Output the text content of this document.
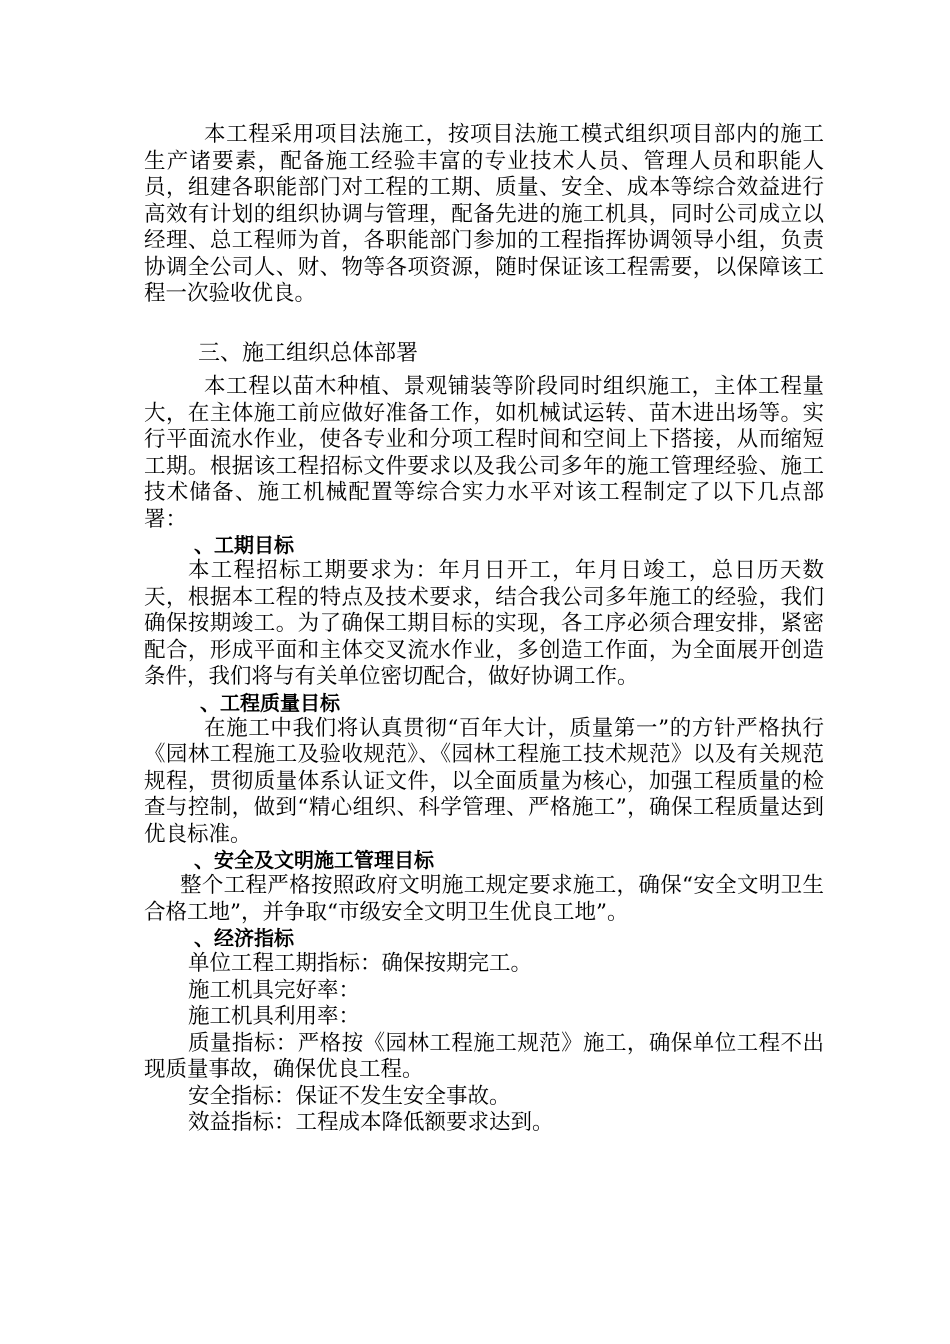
本工程采用项目法施工，按项目法施工模式组织项目部内的施工生产诸要素，配备施工经验丰富的专业技术人员、管理人员和职能人员，组建各职能部门对工程的工期、质量、安全、成本等综合效益进行高效有计划的组织协调与管理，配备先进的施工机具，同时公司成立以经理、总工程师为首，各职能部门参加的工程指挥协调领导小组，负责协调全公司人、财、物等各项资源，随时保证该工程需要，以保障该工程一次验收优良。

三、施工组织总体部署

本工程以苗木种植、景观铺装等阶段同时组织施工，主体工程量大，在主体施工前应做好准备工作，如机械试运转、苗木进出场等。实行平面流水作业，使各专业和分项工程时间和空间上下搭接，从而缩短工期。根据该工程招标文件要求以及我公司多年的施工管理经验、施工技术储备、施工机械配置等综合实力水平对该工程制定了以下几点部署：

、工期目标

本工程招标工期要求为：年月日开工，年月日竣工，总日历天数天，根据本工程的特点及技术要求，结合我公司多年施工的经验，我们确保按期竣工。为了确保工期目标的实现，各工序必须合理安排，紧密配合，形成平面和主体交叉流水作业，多创造工作面，为全面展开创造条件，我们将与有关单位密切配合，做好协调工作。

、工程质量目标

在施工中我们将认真贯彻“百年大计，质量第一”的方针严格执行《园林工程施工及验收规范》、《园林工程施工技术规范》以及有关规范规程，贯彻质量体系认证文件，以全面质量为核心，加强工程质量的检查与控制，做到“精心组织、科学管理、严格施工”，确保工程质量达到优良标准。

、安全及文明施工管理目标

整个工程严格按照政府文明施工规定要求施工，确保“安全文明卫生合格工地”，并争取“市级安全文明卫生优良工地”。

、经济指标

单位工程工期指标：确保按期完工。

施工机具完好率：

施工机具利用率：

质量指标：严格按《园林工程施工规范》施工，确保单位工程不出现质量事故，确保优良工程。

安全指标：保证不发生安全事故。

效益指标：工程成本降低额要求达到。
